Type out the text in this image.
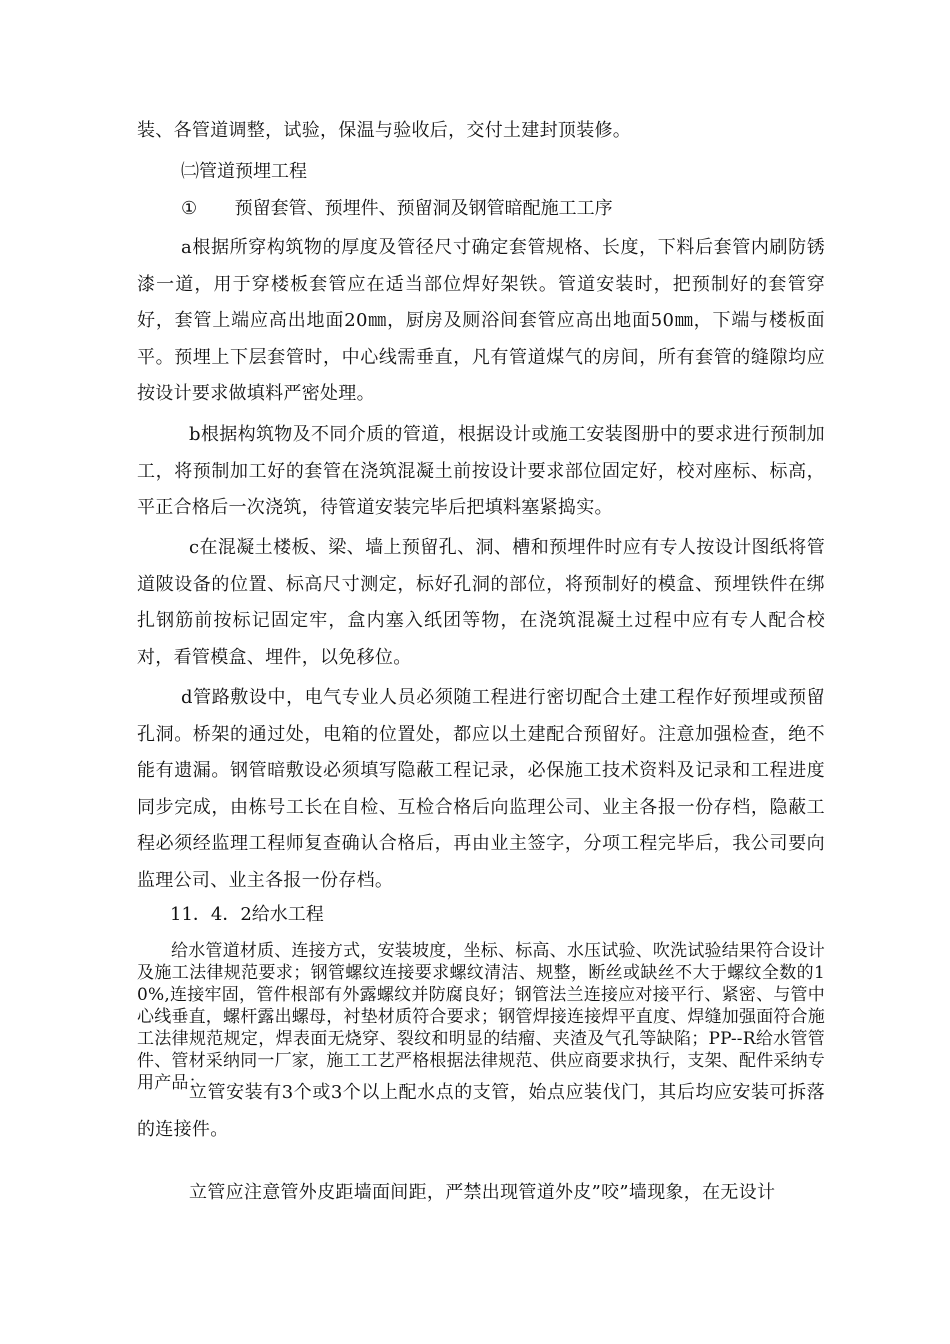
装、各管道调整，试验，保温与验收后，交付土建封顶装修。

㈡管道预埋工程

① 预留套管、预埋件、预留洞及钢管暗配施工工序

a根据所穿构筑物的厚度及管径尺寸确定套管规格、长度，下料后套管内刷防锈漆一道，用于穿楼板套管应在适当部位焊好架铁。管道安装时，把预制好的套管穿好，套管上端应高出地面20㎜，厨房及厕浴间套管应高出地面50㎜，下端与楼板面平。预埋上下层套管时，中心线需垂直，凡有管道煤气的房间，所有套管的缝隙均应按设计要求做填料严密处理。

b根据构筑物及不同介质的管道，根据设计或施工安装图册中的要求进行预制加工，将预制加工好的套管在浇筑混凝土前按设计要求部位固定好，校对座标、标高，平正合格后一次浇筑，待管道安装完毕后把填料塞紧捣实。

c在混凝土楼板、梁、墙上预留孔、洞、槽和预埋件时应有专人按设计图纸将管道陂设备的位置、标高尺寸测定，标好孔洞的部位，将预制好的模盒、预埋铁件在绑扎钢筋前按标记固定牢，盒内塞入纸团等物，在浇筑混凝土过程中应有专人配合校对，看管模盒、埋件，以免移位。

d管路敷设中，电气专业人员必须随工程进行密切配合土建工程作好预埋或预留孔洞。桥架的通过处，电箱的位置处，都应以土建配合预留好。注意加强检查，绝不能有遗漏。钢管暗敷设必须填写隐蔽工程记录，必保施工技术资料及记录和工程进度同步完成，由栋号工长在自检、互检合格后向监理公司、业主各报一份存档，隐蔽工程必须经监理工程师复查确认合格后，再由业主签字，分项工程完毕后，我公司要向监理公司、业主各报一份存档。

11．4．2给水工程

给水管道材质、连接方式，安装坡度，坐标、标高、水压试验、吹洗试验结果符合设计及施工法律规范要求；钢管螺纹连接要求螺纹清洁、规整，断丝或缺丝不大于螺纹全数的10%,连接牢固，管件根部有外露螺纹并防腐良好；钢管法兰连接应对接平行、紧密、与管中心线垂直，螺杆露出螺母，衬垫材质符合要求；钢管焊接连接焊平直度、焊缝加强面符合施工法律规范规定，焊表面无烧穿、裂纹和明显的结瘤、夹渣及气孔等缺陷；PP--R给水管管件、管材采纳同一厂家，施工工艺严格根据法律规范、供应商要求执行，支架、配件采纳专用产品；

立管安装有3个或3个以上配水点的支管，始点应装伐门，其后均应安装可拆落的连接件。

立管应注意管外皮距墙面间距，严禁出现管道外皮”咬”墙现象，在无设计
